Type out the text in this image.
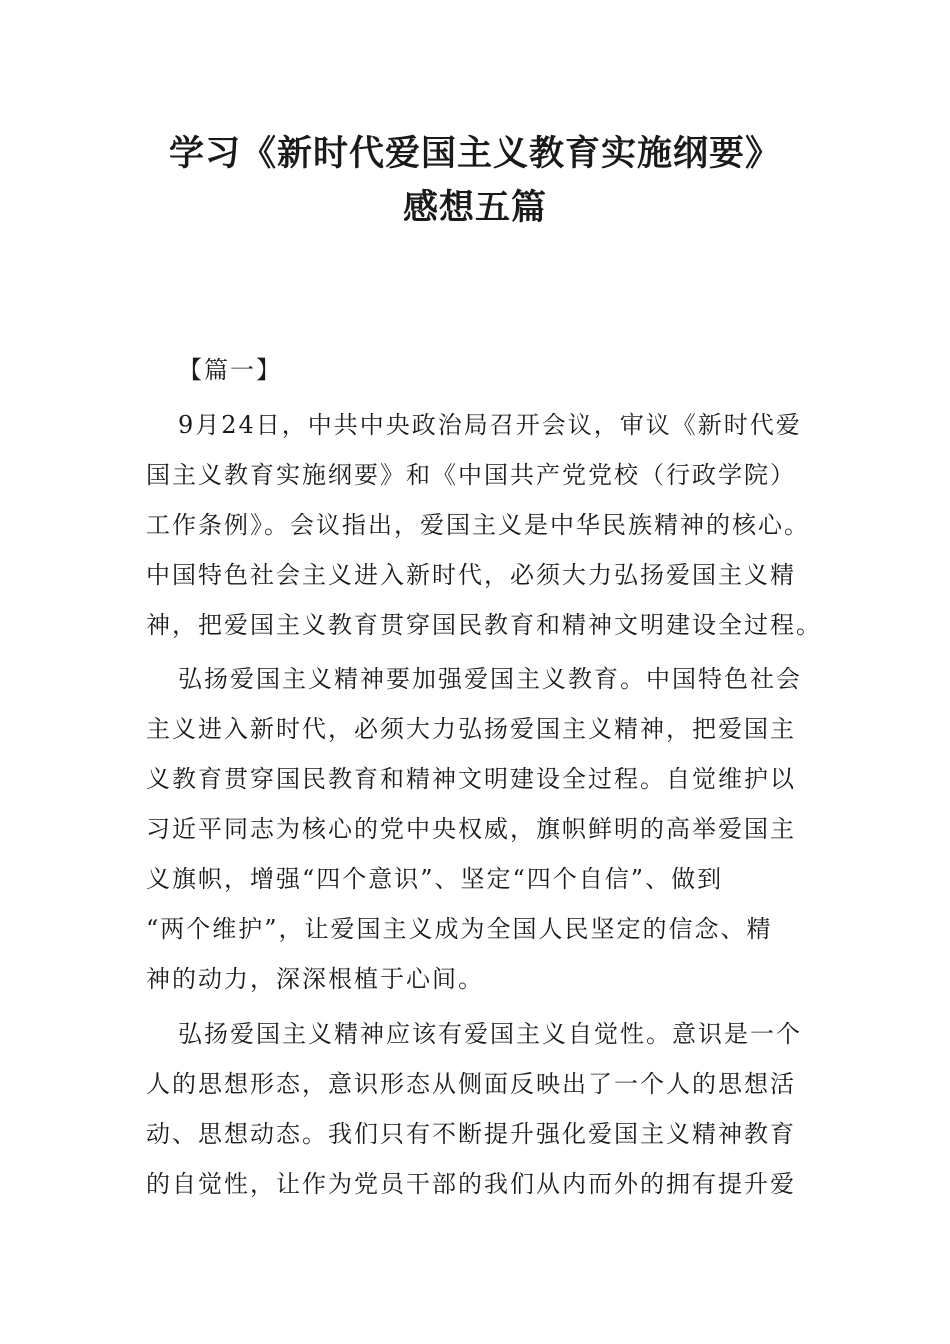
学习《新时代爱国主义教育实施纲要》
感想五篇
【篇一】
9月24日，中共中央政治局召开会议，审议《新时代爱
国主义教育实施纲要》和《中国共产党党校（行政学院）
工作条例》。会议指出，爱国主义是中华民族精神的核心。
中国特色社会主义进入新时代，必须大力弘扬爱国主义精
神，把爱国主义教育贯穿国民教育和精神文明建设全过程。
弘扬爱国主义精神要加强爱国主义教育。中国特色社会
主义进入新时代，必须大力弘扬爱国主义精神，把爱国主
义教育贯穿国民教育和精神文明建设全过程。自觉维护以
习近平同志为核心的党中央权威，旗帜鲜明的高举爱国主
义旗帜，增强“四个意识”、坚定“四个自信”、做到
“两个维护”，让爱国主义成为全国人民坚定的信念、精
神的动力，深深根植于心间。
弘扬爱国主义精神应该有爱国主义自觉性。意识是一个
人的思想形态，意识形态从侧面反映出了一个人的思想活
动、思想动态。我们只有不断提升强化爱国主义精神教育
的自觉性，让作为党员干部的我们从内而外的拥有提升爱
